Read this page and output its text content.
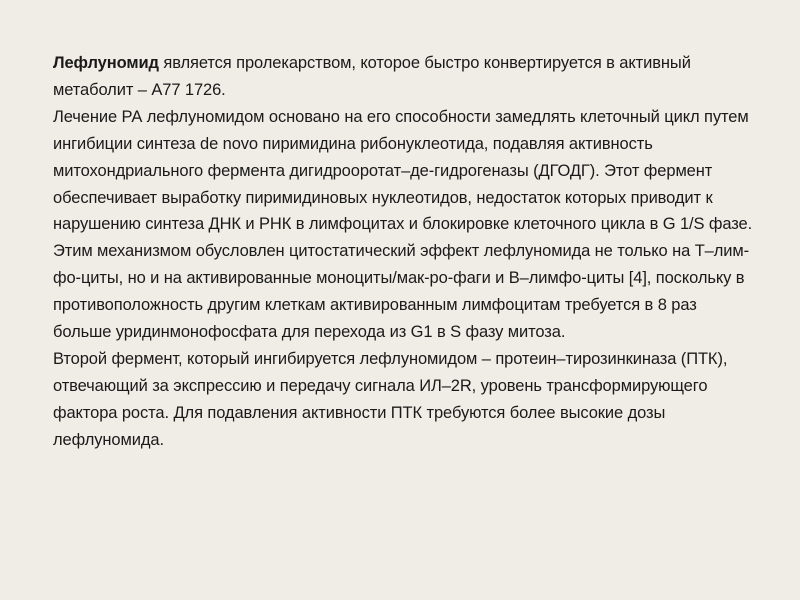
Лефлуномид является пролекарством, которое быстро конвертируется в активный метаболит – А77 1726.

Лечение РА лефлуномидом основано на его способности замедлять клеточный цикл путем ингибиции синтеза de novo пиримидина рибонуклеотида, подавляя активность митохондриального фермента дигидрооротат–де-гидрогеназы (ДГОДГ). Этот фермент обеспечивает выработку пиримидиновых нуклеотидов, недостаток которых приводит к нарушению синтеза ДНК и РНК в лимфоцитах и блокировке клеточного цикла в G 1/S фазе. Этим механизмом обусловлен цитостатический эффект лефлуномида не только на Т–лим-фо-циты, но и на активированные моноциты/мак-ро-фаги и В–лимфо-циты [4], поскольку в противоположность другим клеткам активированным лимфоцитам требуется в 8 раз больше уридинмонофосфата для перехода из G1 в S фазу митоза.

Второй фермент, который ингибируется лефлуномидом – протеин–тирозинкиназа (ПТК), отвечающий за экспрессию и передачу сигнала ИЛ–2R, уровень трансформирующего фактора роста. Для подавления активности ПТК требуются более высокие дозы лефлуномида.
